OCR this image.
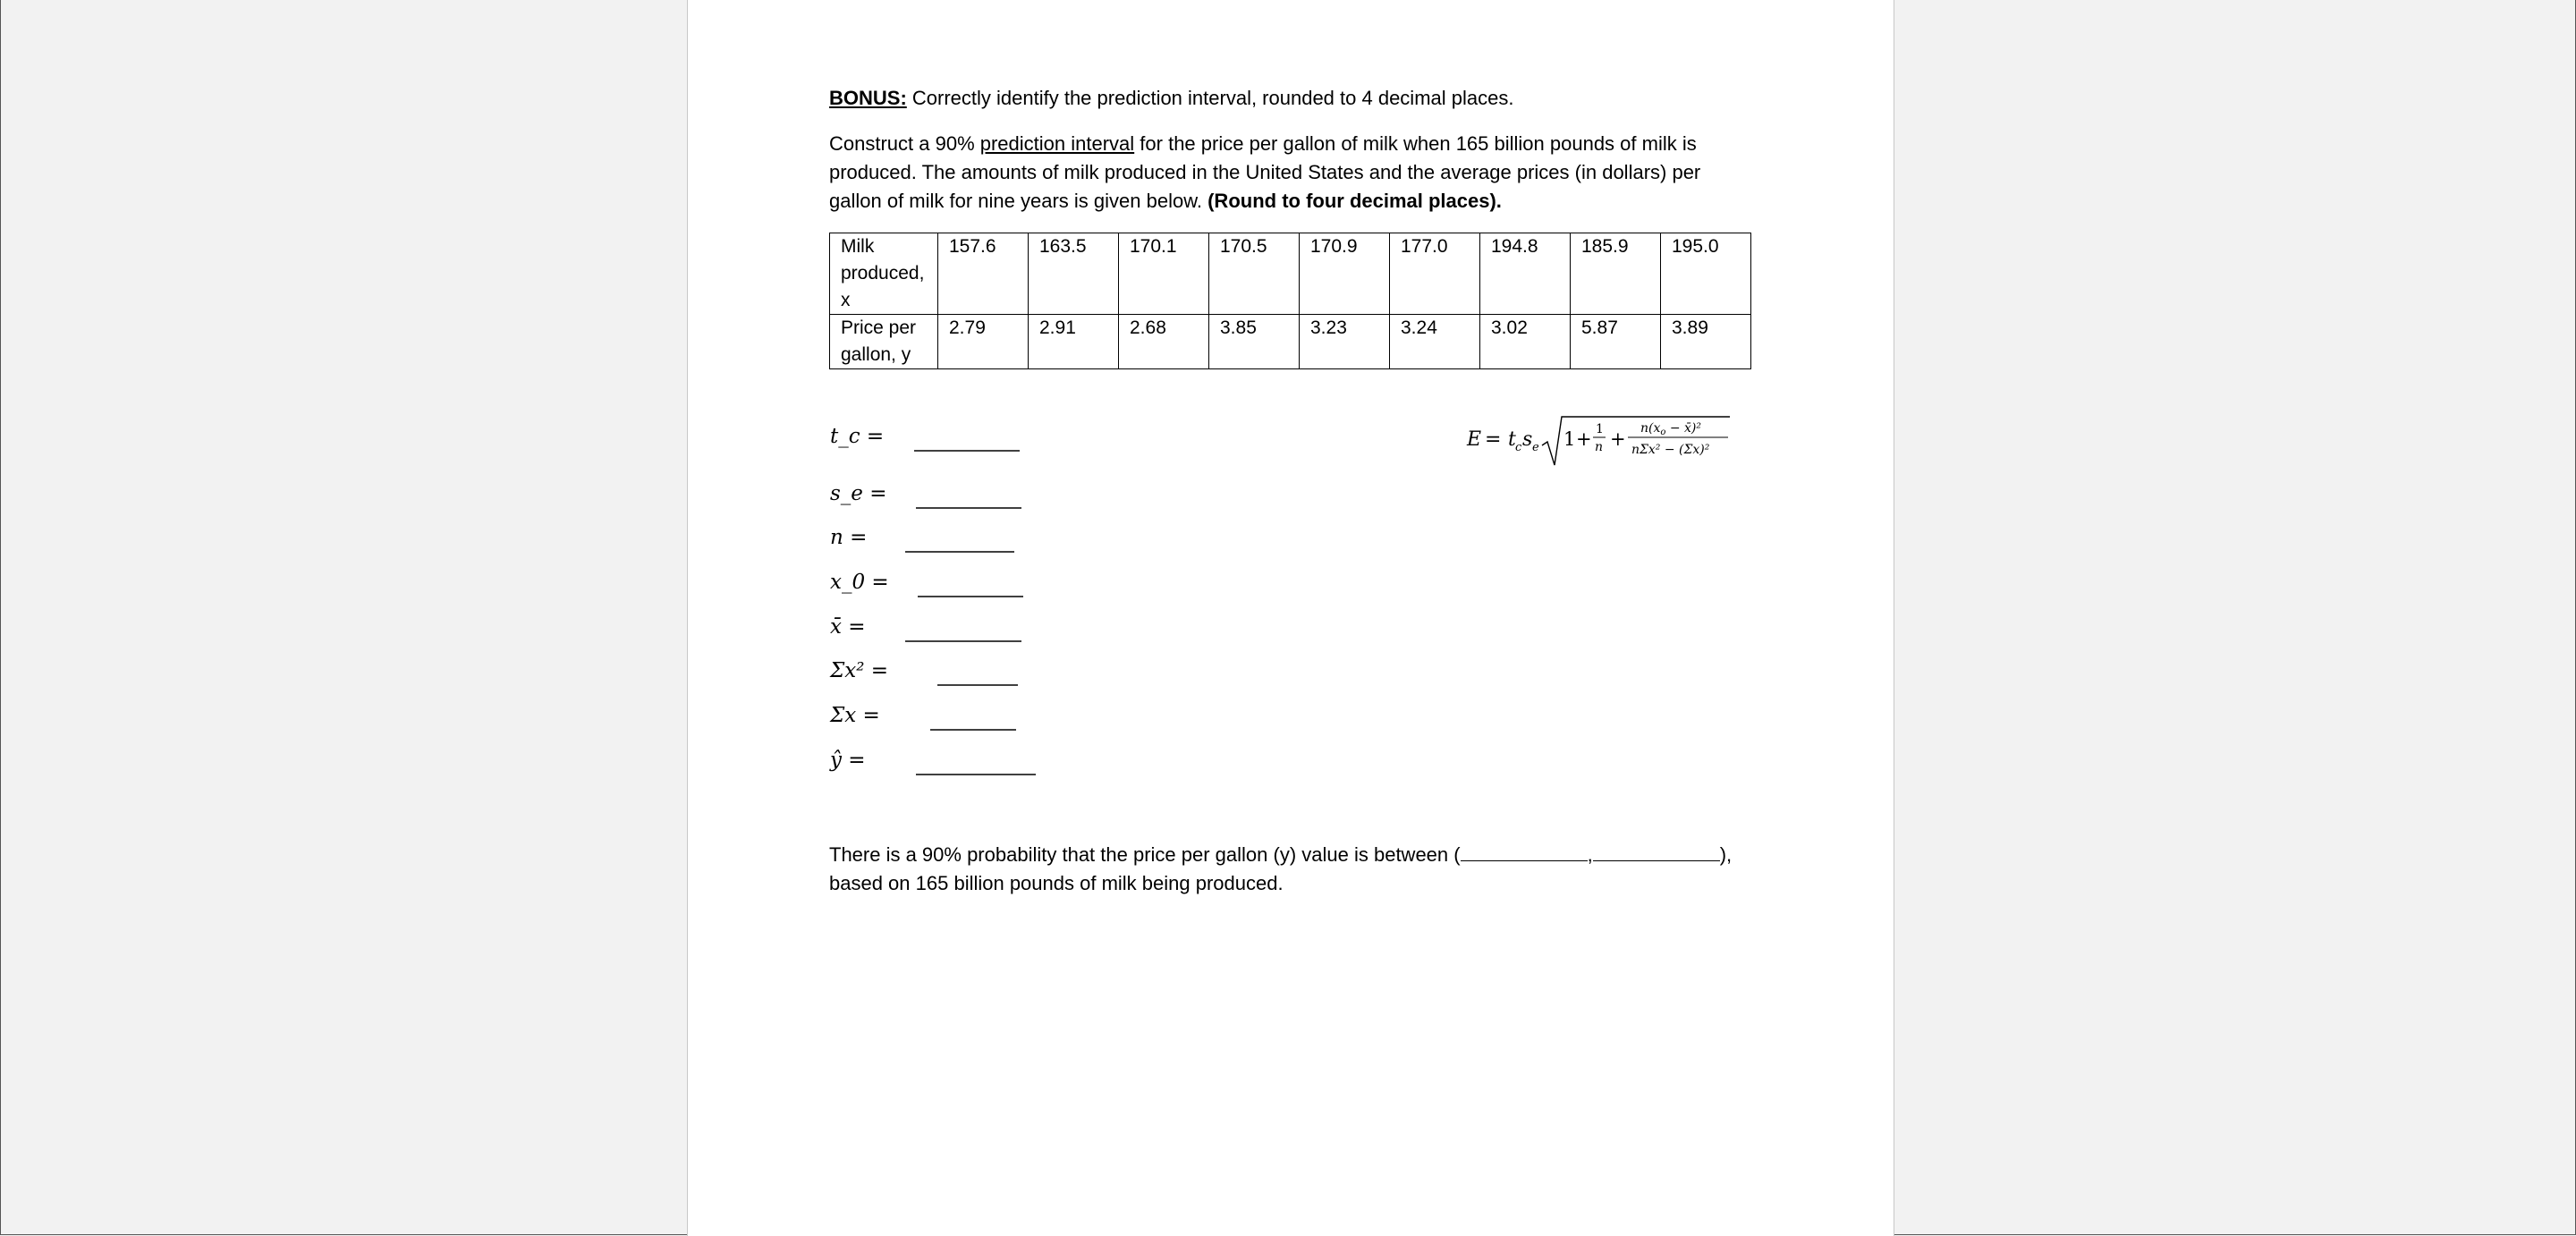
BONUS: Correctly identify the prediction interval, rounded to 4 decimal places.
Construct a 90% prediction interval for the price per gallon of milk when 165 billion pounds of milk is produced. The amounts of milk produced in the United States and the average prices (in dollars) per gallon of milk for nine years is given below. (Round to four decimal places).
Milk produced, x	157.6	163.5	170.1	170.5	170.9	177.0	194.8	185.9	195.0
Price per gallon, y	2.79	2.91	2.68	3.85	3.23	3.24	3.02	5.87	3.89
t_c =
s_e =
n =
x_0 =
x̄ =
Σx² =
Σx =
ŷ =
E = t c s e 1 + 1
$n + n(x_o$ − x̄)²
nΣx² − (Σx)²
There is a 90% probability that the price per gallon (y) value is between (	,	), based on 165 billion pounds of milk being produced.
